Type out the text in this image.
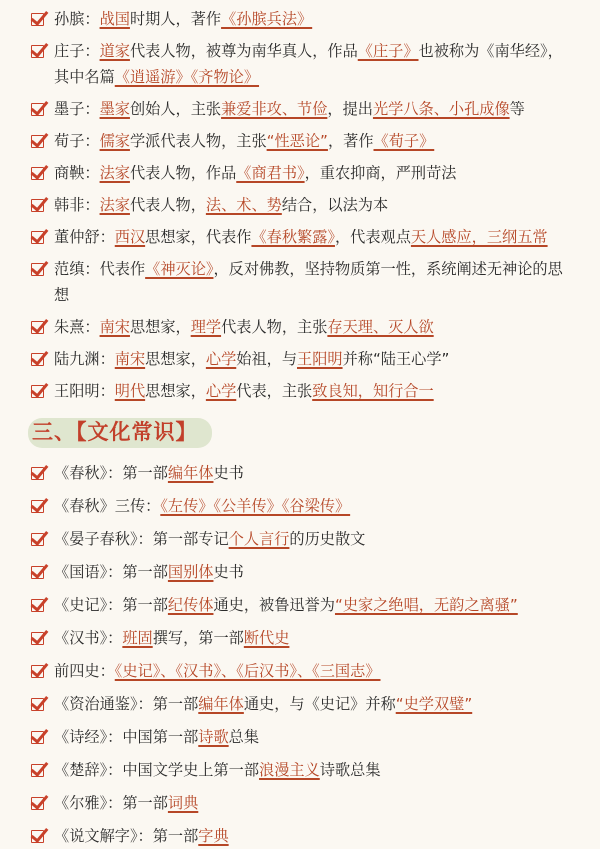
孙膑：战国时期人，著作《孙膑兵法》
庄子：道家代表人物，被尊为南华真人，作品《庄子》也被称为《南华经》，其中名篇《逍遥游》《齐物论》
墨子：墨家创始人，主张兼爱非攻、节俭，提出光学八条、小孔成像等
荀子：儒家学派代表人物，主张“性恶论”，著作《荀子》
商鞅：法家代表人物，作品《商君书》，重农抑商，严刑苛法
韩非：法家代表人物，法、术、势结合，以法为本
董仲舒：西汉思想家，代表作《春秋繁露》，代表观点天人感应，三纲五常
范缜：代表作《神灭论》，反对佛教，坚持物质第一性，系统阐述无神论的思想
朱熹：南宋思想家，理学代表人物，主张存天理、灭人欲
陆九渊：南宋思想家，心学始祖，与王阳明并称“陆王心学”
王阳明：明代思想家，心学代表，主张致良知，知行合一
三、【文化常识】
《春秋》：第一部编年体史书
《春秋》三传：《左传》《公羊传》《谷梁传》
《晏子春秋》：第一部专记个人言行的历史散文
《国语》：第一部国别体史书
《史记》：第一部纪传体通史，被鲁迅誉为“史家之绝唱，无韵之离骚”
《汉书》：班固撰写，第一部断代史
前四史：《史记》、《汉书》、《后汉书》、《三国志》
《资治通鉴》：第一部编年体通史，与《史记》并称“史学双璧”
《诗经》：中国第一部诗歌总集
《楚辞》：中国文学史上第一部浪漫主义诗歌总集
《尔雅》：第一部词典
《说文解字》：第一部字典
